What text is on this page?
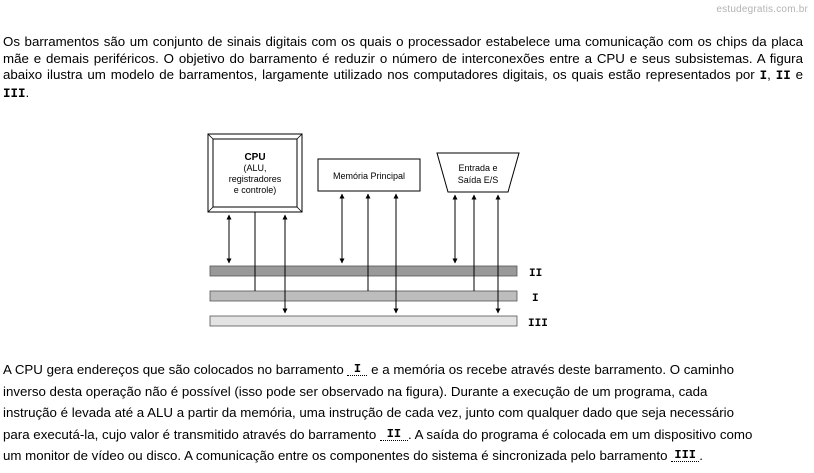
estudegratis.com.br

Os barramentos são um conjunto de sinais digitais com os quais o processador estabelece uma comunicação com os chips da placa mãe e demais periféricos. O objetivo do barramento é reduzir o número de interconexões entre a CPU e seus subsistemas. A figura abaixo ilustra um modelo de barramentos, largamente utilizado nos computadores digitais, os quais estão representados por I, II e III.

CPU
(ALU,
registradores
e controle)
Memória Principal
Entrada e
Saída E/S
II
I
III

A CPU gera endereços que são colocados no barramento I e a memória os recebe através deste barramento. O caminho inverso desta operação não é possível (isso pode ser observado na figura). Durante a execução de um programa, cada instrução é levada até a ALU a partir da memória, uma instrução de cada vez, junto com qualquer dado que seja necessário para executá-la, cujo valor é transmitido através do barramento II . A saída do programa é colocada em um dispositivo como um monitor de vídeo ou disco. A comunicação entre os componentes do sistema é sincronizada pelo barramento III .
